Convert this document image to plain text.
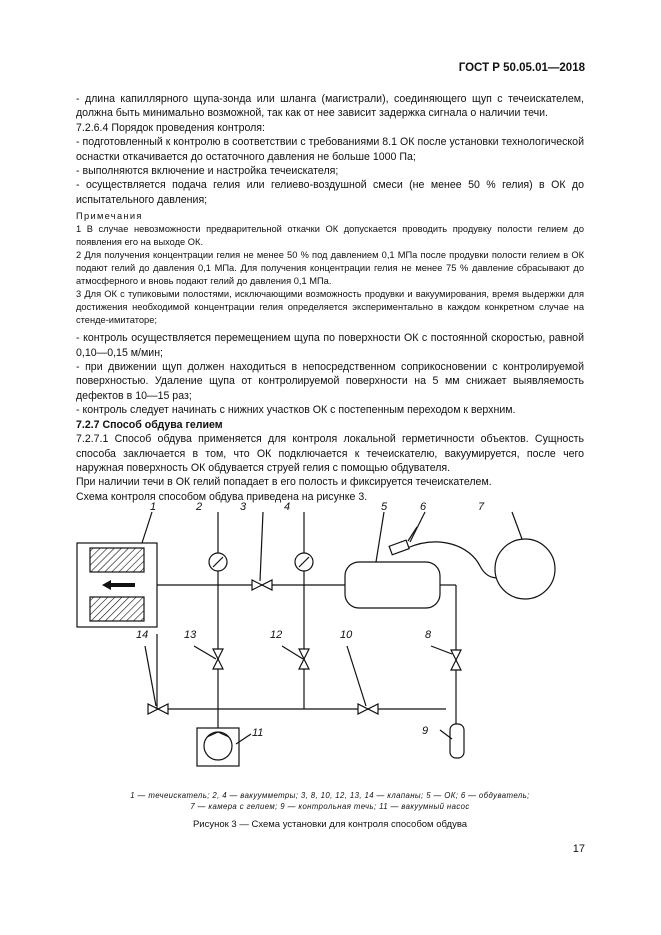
ГОСТ Р 50.05.01—2018

- длина капиллярного щупа-зонда или шланга (магистрали), соединяющего щуп с течеискателем, должна быть минимально возможной, так как от нее зависит задержка сигнала о наличии течи.

7.2.6.4 Порядок проведения контроля:

- подготовленный к контролю в соответствии с требованиями 8.1 ОК после установки технологической оснастки откачивается до остаточного давления не больше 1000 Па;

- выполняются включение и настройка течеискателя;

- осуществляется подача гелия или гелиево-воздушной смеси (не менее 50 % гелия) в ОК до испытательного давления;

Примечания

1 В случае невозможности предварительной откачки ОК допускается проводить продувку полости гелием до появления его на выходе ОК.

2 Для получения концентрации гелия не менее 50 % под давлением 0,1 МПа после продувки полости гелием в ОК подают гелий до давления 0,1 МПа. Для получения концентрации гелия не менее 75 % давление сбрасывают до атмосферного и вновь подают гелий до давления 0,1 МПа.

3 Для ОК с тупиковыми полостями, исключающими возможность продувки и вакуумирования, время выдержки для достижения необходимой концентрации гелия определяется экспериментально в каждом конкретном случае на стенде-имитаторе;

- контроль осуществляется перемещением щупа по поверхности ОК с постоянной скоростью, равной 0,10—0,15 м/мин;

- при движении щуп должен находиться в непосредственном соприкосновении с контролируемой поверхностью. Удаление щупа от контролируемой поверхности на 5 мм снижает выявляемость дефектов в 10—15 раз;

- контроль следует начинать с нижних участков ОК с постепенным переходом к верхним.

7.2.7 Способ обдува гелием

7.2.7.1 Способ обдува применяется для контроля локальной герметичности объектов. Сущность способа заключается в том, что ОК подключается к течеискателю, вакуумируется, после чего наружная поверхность ОК обдувается струей гелия с помощью обдувателя.

При наличии течи в ОК гелий попадает в его полость и фиксируется течеискателем.

Схема контроля способом обдува приведена на рисунке 3.

1	2	3	4	5	6	7
8
9
10
11
12
13
14
1 — течеискатель; 2, 4 — вакуумметры; 3, 8, 10, 12, 13, 14 — клапаны; 5 — ОК; 6 — обдуватель;
7 — камера с гелием; 9 — контрольная течь; 11 — вакуумный насос
Рисунок 3 — Схема установки для контроля способом обдува
17
